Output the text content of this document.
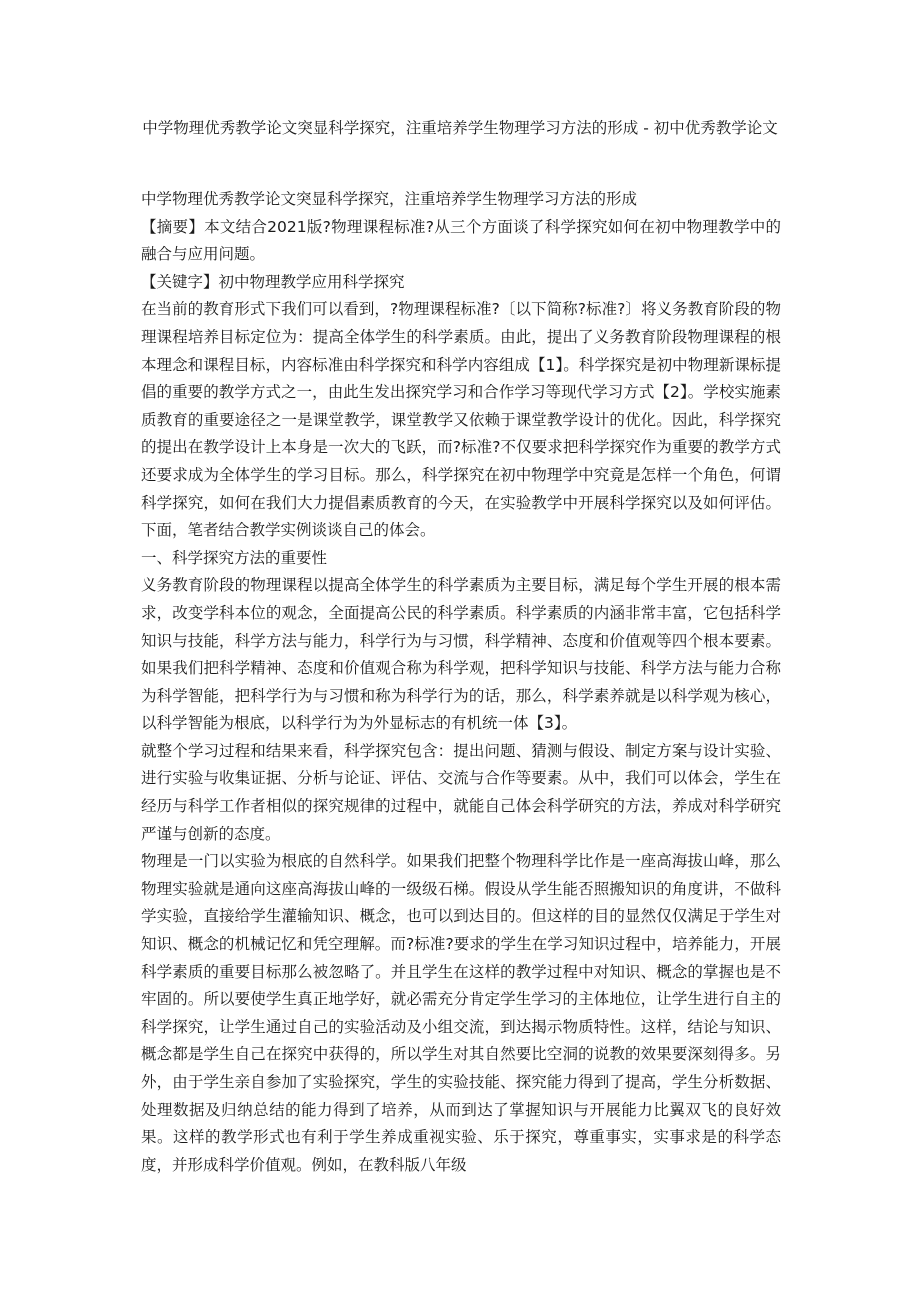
中学物理优秀教学论文突显科学探究，注重培养学生物理学习方法的形成 - 初中优秀教学论文

中学物理优秀教学论文突显科学探究，注重培养学生物理学习方法的形成

【摘要】本文结合2021版?物理课程标准?从三个方面谈了科学探究如何在初中物理教学中的融合与应用问题。

【关键字】初中物理教学应用科学探究

在当前的教育形式下我们可以看到，?物理课程标准?〔以下简称?标准?〕将义务教育阶段的物理课程培养目标定位为：提高全体学生的科学素质。由此，提出了义务教育阶段物理课程的根本理念和课程目标，内容标准由科学探究和科学内容组成【1】。科学探究是初中物理新课标提倡的重要的教学方式之一，由此生发出探究学习和合作学习等现代学习方式【2】。学校实施素质教育的重要途径之一是课堂教学，课堂教学又依赖于课堂教学设计的优化。因此，科学探究的提出在教学设计上本身是一次大的飞跃，而?标准?不仅要求把科学探究作为重要的教学方式还要求成为全体学生的学习目标。那么，科学探究在初中物理学中究竟是怎样一个角色，何谓科学探究，如何在我们大力提倡素质教育的今天，在实验教学中开展科学探究以及如何评估。下面，笔者结合教学实例谈谈自己的体会。

一、科学探究方法的重要性

义务教育阶段的物理课程以提高全体学生的科学素质为主要目标，满足每个学生开展的根本需求，改变学科本位的观念，全面提高公民的科学素质。科学素质的内涵非常丰富，它包括科学知识与技能，科学方法与能力，科学行为与习惯，科学精神、态度和价值观等四个根本要素。如果我们把科学精神、态度和价值观合称为科学观，把科学知识与技能、科学方法与能力合称为科学智能，把科学行为与习惯和称为科学行为的话，那么，科学素养就是以科学观为核心，以科学智能为根底，以科学行为为外显标志的有机统一体【3】。

就整个学习过程和结果来看，科学探究包含：提出问题、猜测与假设、制定方案与设计实验、进行实验与收集证据、分析与论证、评估、交流与合作等要素。从中，我们可以体会，学生在经历与科学工作者相似的探究规律的过程中，就能自己体会科学研究的方法，养成对科学研究严谨与创新的态度。

物理是一门以实验为根底的自然科学。如果我们把整个物理科学比作是一座高海拔山峰，那么物理实验就是通向这座高海拔山峰的一级级石梯。假设从学生能否照搬知识的角度讲，不做科学实验，直接给学生灌输知识、概念，也可以到达目的。但这样的目的显然仅仅满足于学生对知识、概念的机械记忆和凭空理解。而?标准?要求的学生在学习知识过程中，培养能力，开展科学素质的重要目标那么被忽略了。并且学生在这样的教学过程中对知识、概念的掌握也是不牢固的。所以要使学生真正地学好，就必需充分肯定学生学习的主体地位，让学生进行自主的科学探究，让学生通过自己的实验活动及小组交流，到达揭示物质特性。这样，结论与知识、概念都是学生自己在探究中获得的，所以学生对其自然要比空洞的说教的效果要深刻得多。另外，由于学生亲自参加了实验探究，学生的实验技能、探究能力得到了提高，学生分析数据、处理数据及归纳总结的能力得到了培养，从而到达了掌握知识与开展能力比翼双飞的良好效果。这样的教学形式也有利于学生养成重视实验、乐于探究，尊重事实，实事求是的科学态度，并形成科学价值观。例如，在教科版八年级
